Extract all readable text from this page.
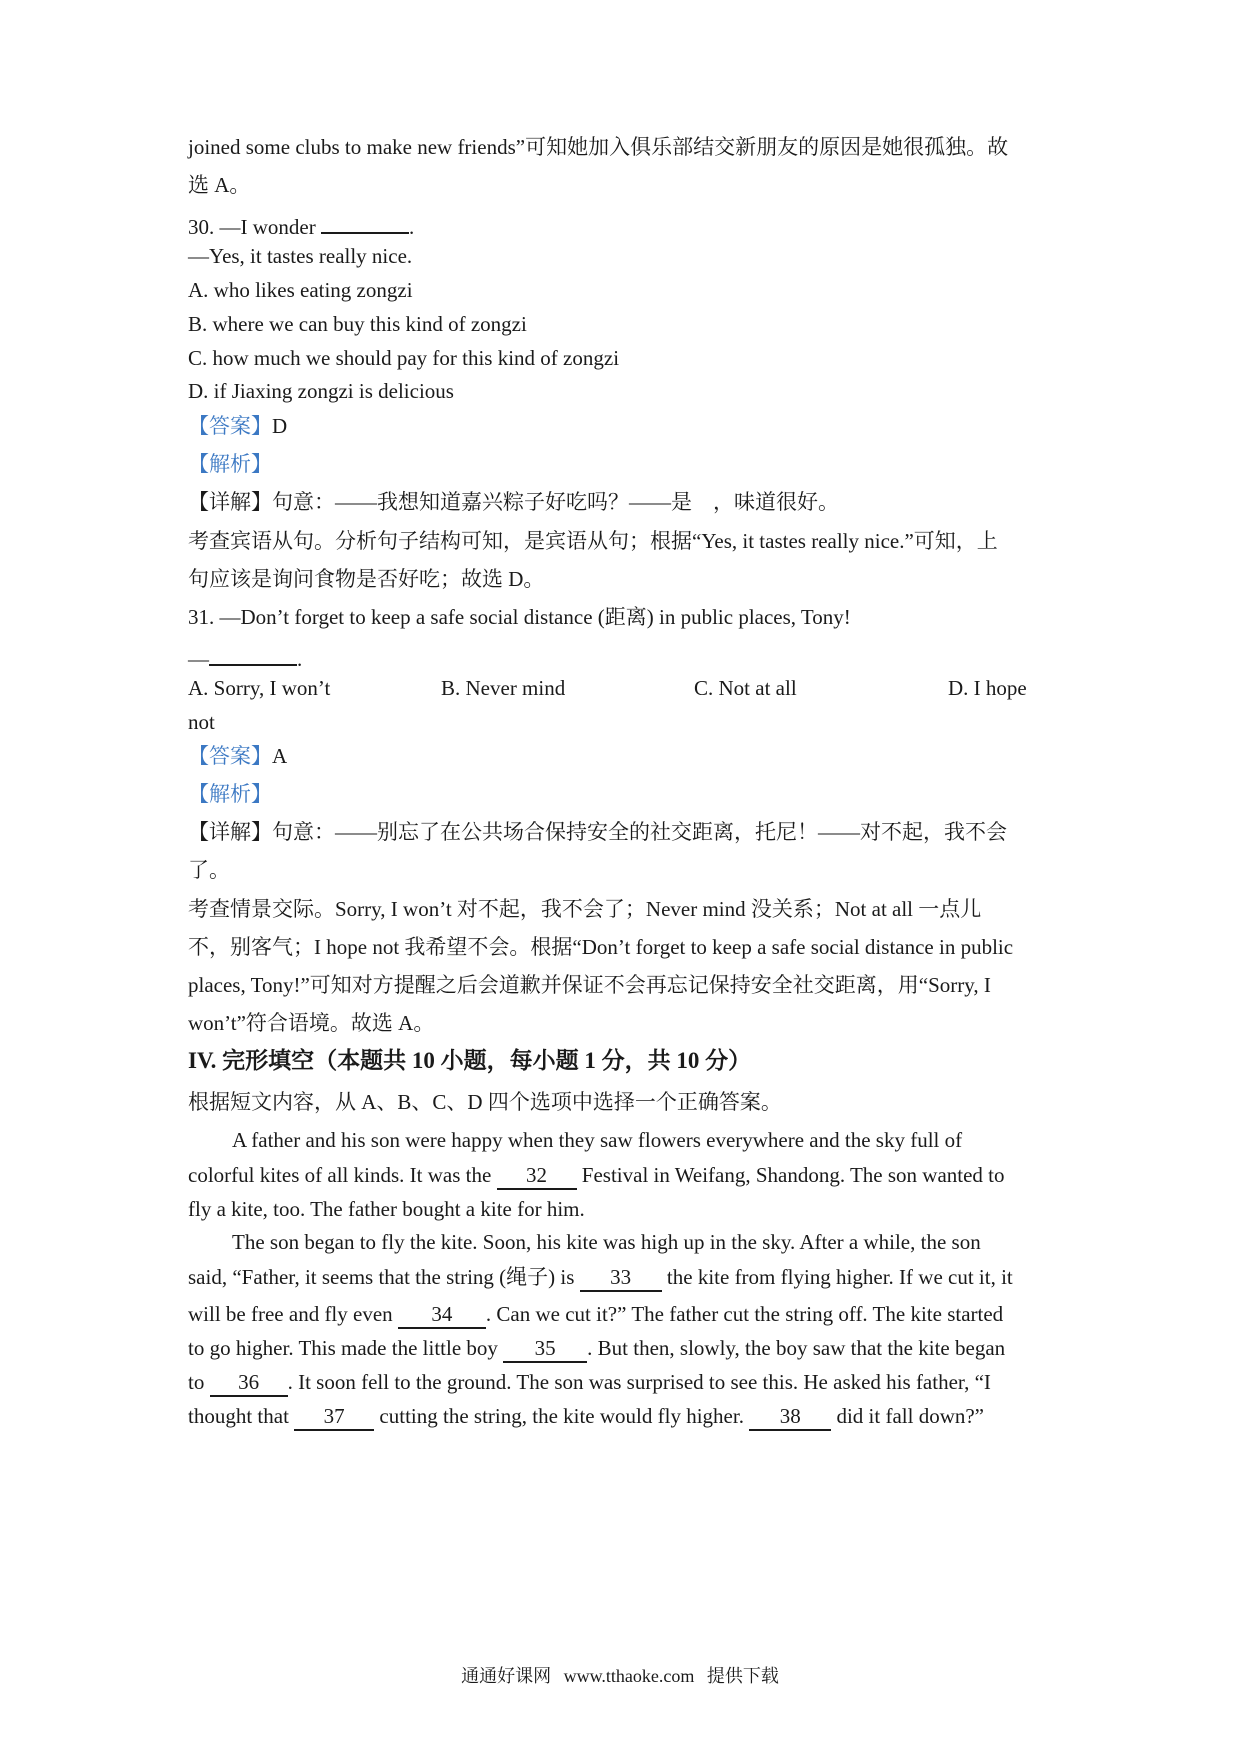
joined some clubs to make new friends”可知她加入俱乐部结交新朋友的原因是她很孤独。故
选 A。
30. —I wonder	.
—Yes, it tastes really nice.
A. who likes eating zongzi
B. where we can buy this kind of zongzi
C. how much we should pay for this kind of zongzi
D. if Jiaxing zongzi is delicious
【答案】D
【解析】
【详解】句意：——我想知道嘉兴粽子好吃吗？——是　，味道很好。
考查宾语从句。分析句子结构可知，是宾语从句；根据“Yes, it tastes really nice.”可知，上
句应该是询问食物是否好吃；故选 D。
31. —Don’t forget to keep a safe social distance (距离) in public places, Tony!
—	.
A. Sorry, I won’t	B. Never mind	C. Not at all	D. I hope
not
【答案】A
【解析】
【详解】句意：——别忘了在公共场合保持安全的社交距离，托尼！——对不起，我不会
了。
考查情景交际。Sorry, I won’t 对不起，我不会了；Never mind 没关系；Not at all 一点儿
不，别客气；I hope not 我希望不会。根据“Don’t forget to keep a safe social distance in public
places, Tony!”可知对方提醒之后会道歉并保证不会再忘记保持安全社交距离，用“Sorry, I
won’t”符合语境。故选 A。
IV. 完形填空（本题共 10 小题，每小题 1 分，共 10 分）
根据短文内容，从 A、B、C、D 四个选项中选择一个正确答案。
A father and his son were happy when they saw flowers everywhere and the sky full of
colorful kites of all kinds. It was the 32 Festival in Weifang, Shandong. The son wanted to
fly a kite, too. The father bought a kite for him.
The son began to fly the kite. Soon, his kite was high up in the sky. After a while, the son
said, “Father, it seems that the string (绳子) is 33 the kite from flying higher. If we cut it, it
will be free and fly even 34 . Can we cut it?” The father cut the string off. The kite started
to go higher. This made the little boy 35 . But then, slowly, the boy saw that the kite began
to 36 . It soon fell to the ground. The son was surprised to see this. He asked his father, “I
thought that 37 cutting the string, the kite would fly higher. 38 did it fall down?”
通通好课网 www.tthaoke.com 提供下载
